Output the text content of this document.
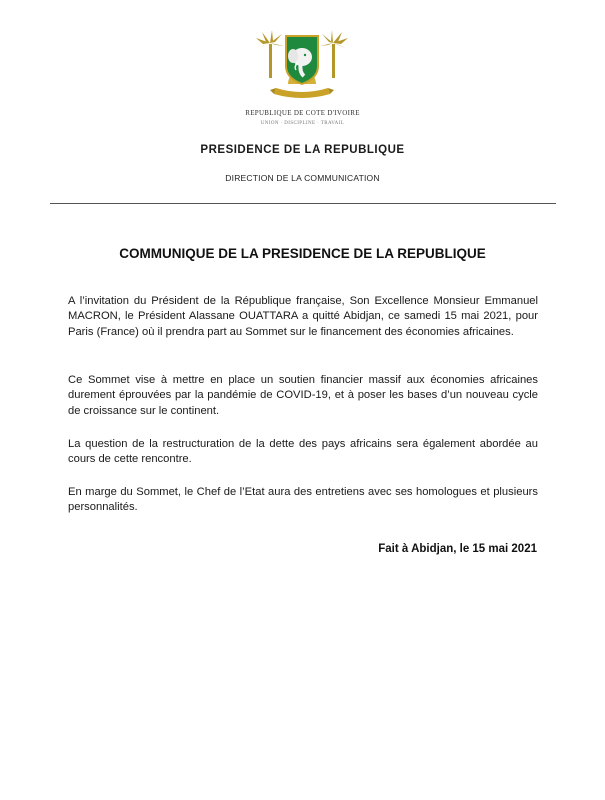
REPUBLIQUE DE COTE D'IVOIRE
UNION · DISCIPLINE · TRAVAIL
PRESIDENCE DE LA REPUBLIQUE
DIRECTION DE LA COMMUNICATION
COMMUNIQUE DE LA PRESIDENCE DE LA REPUBLIQUE
A l’invitation du Président de la République française, Son Excellence Monsieur Emmanuel MACRON, le Président Alassane OUATTARA a quitté Abidjan, ce samedi 15 mai 2021, pour Paris (France) où il prendra part au Sommet sur le financement des économies africaines.
Ce Sommet vise à mettre en place un soutien financier massif aux économies africaines durement éprouvées par la pandémie de COVID-19, et à poser les bases d’un nouveau cycle de croissance sur le continent.
La question de la restructuration de la dette des pays africains sera également abordée au cours de cette rencontre.
En marge du Sommet, le Chef de l’Etat aura des entretiens avec ses homologues et plusieurs personnalités.
Fait à Abidjan, le 15 mai 2021
